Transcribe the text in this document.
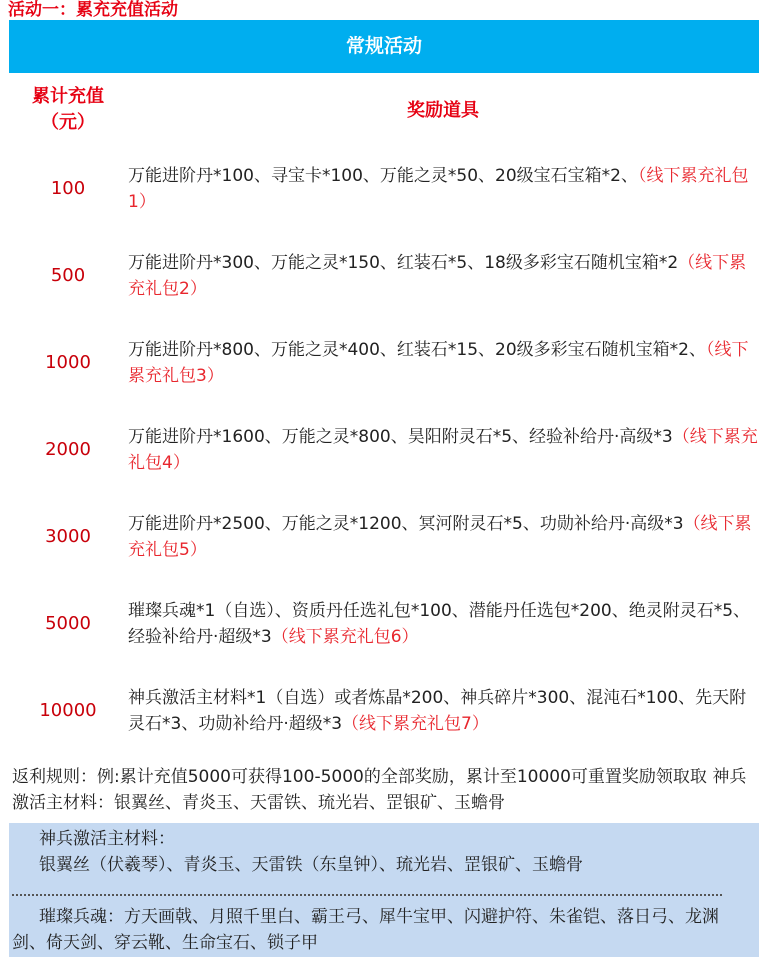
活动一：累充充值活动
常规活动
累计充值
（元）
奖励道具
100
万能进阶丹*100、寻宝卡*100、万能之灵*50、20级宝石宝箱*2、（线下累充礼包1）
500
万能进阶丹*300、万能之灵*150、红装石*5、18级多彩宝石随机宝箱*2（线下累充礼包2）
1000
万能进阶丹*800、万能之灵*400、红装石*15、20级多彩宝石随机宝箱*2、（线下累充礼包3）
2000
万能进阶丹*1600、万能之灵*800、昊阳附灵石*5、经验补给丹·高级*3（线下累充礼包4）
3000
万能进阶丹*2500、万能之灵*1200、冥河附灵石*5、功勋补给丹·高级*3（线下累充礼包5）
5000
璀璨兵魂*1（自选）、资质丹任选礼包*100、潜能丹任选包*200、绝灵附灵石*5、经验补给丹·超级*3（线下累充礼包6）
10000
神兵激活主材料*1（自选）或者炼晶*200、神兵碎片*300、混沌石*100、先天附灵石*3、功勋补给丹·超级*3（线下累充礼包7）
返利规则：例:累计充值5000可获得100-5000的全部奖励，累计至10000可重置奖励领取取 神兵激活主材料：银翼丝、青炎玉、天雷铁、琉光岩、罡银矿、玉蟾骨
神兵激活主材料：
银翼丝（伏羲琴）、青炎玉、天雷铁（东皇钟）、琉光岩、罡银矿、玉蟾骨
璀璨兵魂：方天画戟、月照千里白、霸王弓、犀牛宝甲、闪避护符、朱雀铠、落日弓、龙渊剑、倚天剑、穿云靴、生命宝石、锁子甲
